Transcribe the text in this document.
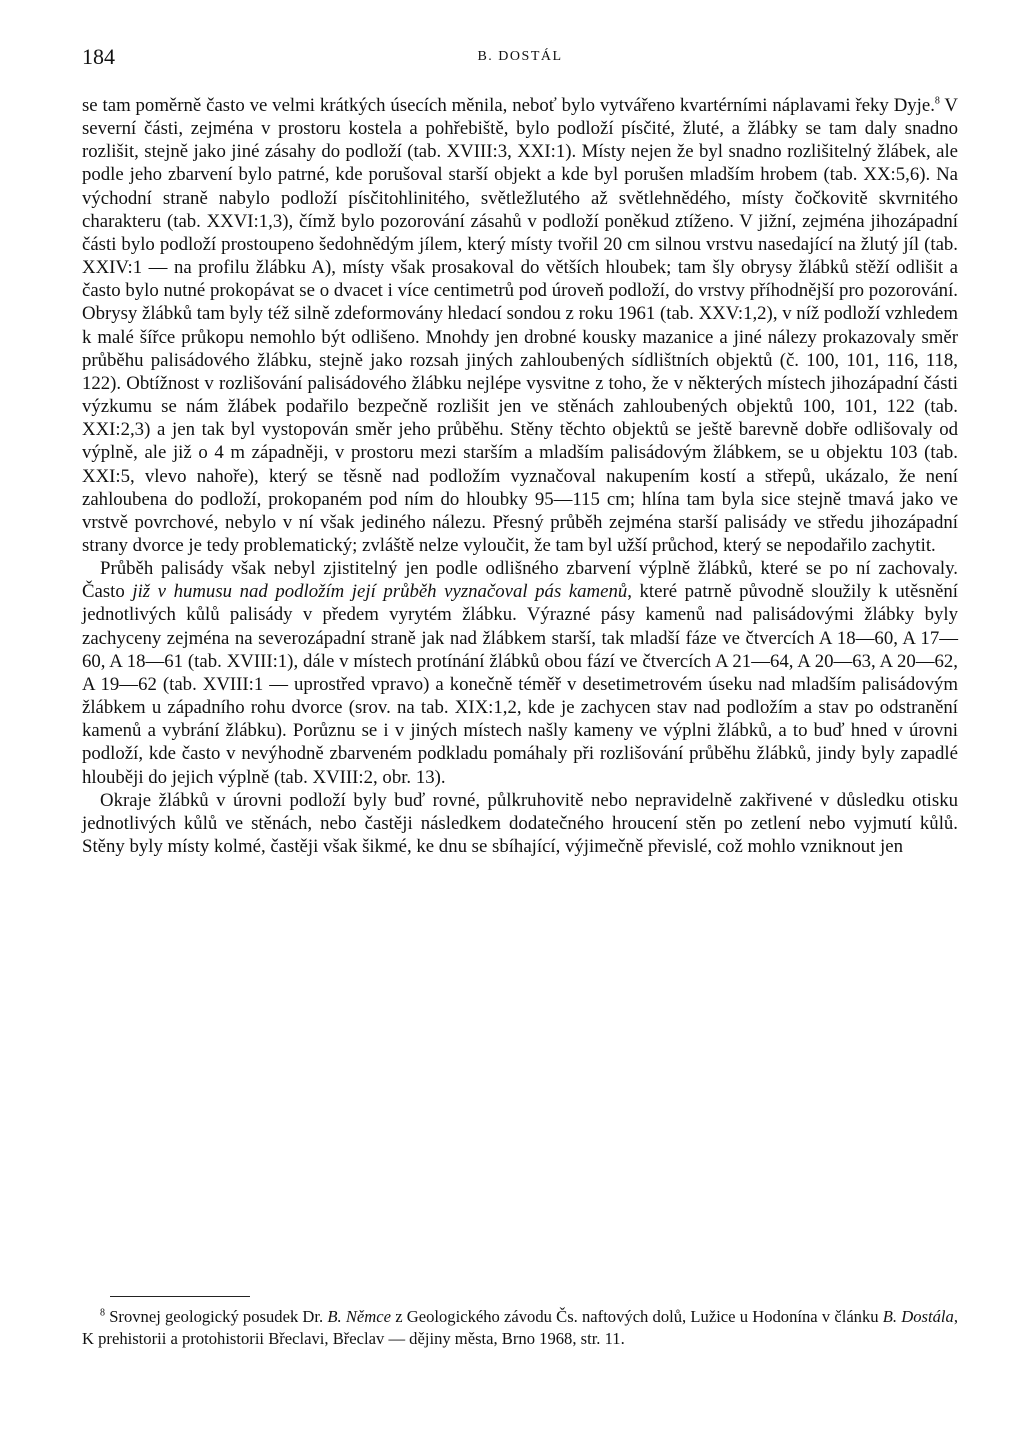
184	B. DOSTÁL

se tam poměrně často ve velmi krátkých úsecích měnila, neboť bylo vytvářeno kvartérními náplavami řeky Dyje.$^8$ V severní části, zejména v prostoru kostela a pohřebiště, bylo podloží písčité, žluté, a žlábky se tam daly snadno rozlišit, stejně jako jiné zásahy do podloží (tab. XVIII:3, XXI:1). Místy nejen že byl snadno rozlišitelný žlábek, ale podle jeho zbarvení bylo patrné, kde porušoval starší objekt a kde byl porušen mladším hrobem (tab. XX:5,6). Na východní straně nabylo podloží písčitohlinitého, světležlutého až světlehnědého, místy čočkovitě skvrnitého charakteru (tab. XXVI:1,3), čímž bylo pozorování zásahů v podloží poněkud ztíženo. V jižní, zejména jihozápadní části bylo podloží prostoupeno šedohnědým jílem, který místy tvořil 20 cm silnou vrstvu nasedající na žlutý jíl (tab. XXIV:1 — na profilu žlábku A), místy však prosakoval do větších hloubek; tam šly obrysy žlábků stěží odlišit a často bylo nutné prokopávat se o dvacet i více centimetrů pod úroveň podloží, do vrstvy příhodnější pro pozorování. Obrysy žlábků tam byly též silně zdeformovány hledací sondou z roku 1961 (tab. XXV:1,2), v níž podloží vzhledem k malé šířce průkopu nemohlo být odlišeno. Mnohdy jen drobné kousky mazanice a jiné nálezy prokazovaly směr průběhu palisádového žlábku, stejně jako rozsah jiných zahloubených sídlištních objektů (č. 100, 101, 116, 118, 122). Obtížnost v rozlišování palisádového žlábku nejlépe vysvitne z toho, že v některých místech jihozápadní části výzkumu se nám žlábek podařilo bezpečně rozlišit jen ve stěnách zahloubených objektů 100, 101, 122 (tab. XXI:2,3) a jen tak byl vystopován směr jeho průběhu. Stěny těchto objektů se ještě barevně dobře odlišovaly od výplně, ale již o 4 m západněji, v prostoru mezi starším a mladším palisádovým žlábkem, se u objektu 103 (tab. XXI:5, vlevo nahoře), který se těsně nad podložím vyznačoval nakupením kostí a střepů, ukázalo, že není zahloubena do podloží, prokopaném pod ním do hloubky 95—115 cm; hlína tam byla sice stejně tmavá jako ve vrstvě povrchové, nebylo v ní však jediného nálezu. Přesný průběh zejména starší palisády ve středu jihozápadní strany dvorce je tedy problematický; zvláště nelze vyloučit, že tam byl užší průchod, který se nepodařilo zachytit.

Průběh palisády však nebyl zjistitelný jen podle odlišného zbarvení výplně žlábků, které se po ní zachovaly. Často již v humusu nad podložím její průběh vyznačoval pás kamenů, které patrně původně sloužily k utěsnění jednotlivých kůlů palisády v předem vyrytém žlábku. Výrazné pásy kamenů nad palisádovými žlábky byly zachyceny zejména na severozápadní straně jak nad žlábkem starší, tak mladší fáze ve čtvercích A 18—60, A 17—60, A 18—61 (tab. XVIII:1), dále v místech protínání žlábků obou fází ve čtvercích A 21—64, A 20—63, A 20—62, A 19—62 (tab. XVIII:1 — uprostřed vpravo) a konečně téměř v desetimetrovém úseku nad mladším palisádovým žlábkem u západního rohu dvorce (srov. na tab. XIX:1,2, kde je zachycen stav nad podložím a stav po odstranění kamenů a vybrání žlábku). Porůznu se i v jiných místech našly kameny ve výplni žlábků, a to buď hned v úrovni podloží, kde často v nevýhodně zbarveném podkladu pomáhaly při rozlišování průběhu žlábků, jindy byly zapadlé hlouběji do jejich výplně (tab. XVIII:2, obr. 13).

Okraje žlábků v úrovni podloží byly buď rovné, půlkruhovitě nebo nepravidelně zakřivené v důsledku otisku jednotlivých kůlů ve stěnách, nebo častěji následkem dodatečného hroucení stěn po zetlení nebo vyjmutí kůlů. Stěny byly místy kolmé, častěji však šikmé, ke dnu se sbíhající, výjimečně převislé, což mohlo vzniknout jen

$^8$ Srovnej geologický posudek Dr. B. Němce z Geologického závodu Čs. naftových dolů, Lužice u Hodonína v článku B. Dostála, K prehistorii a protohistorii Břeclavi, Břeclav — dějiny města, Brno 1968, str. 11.
